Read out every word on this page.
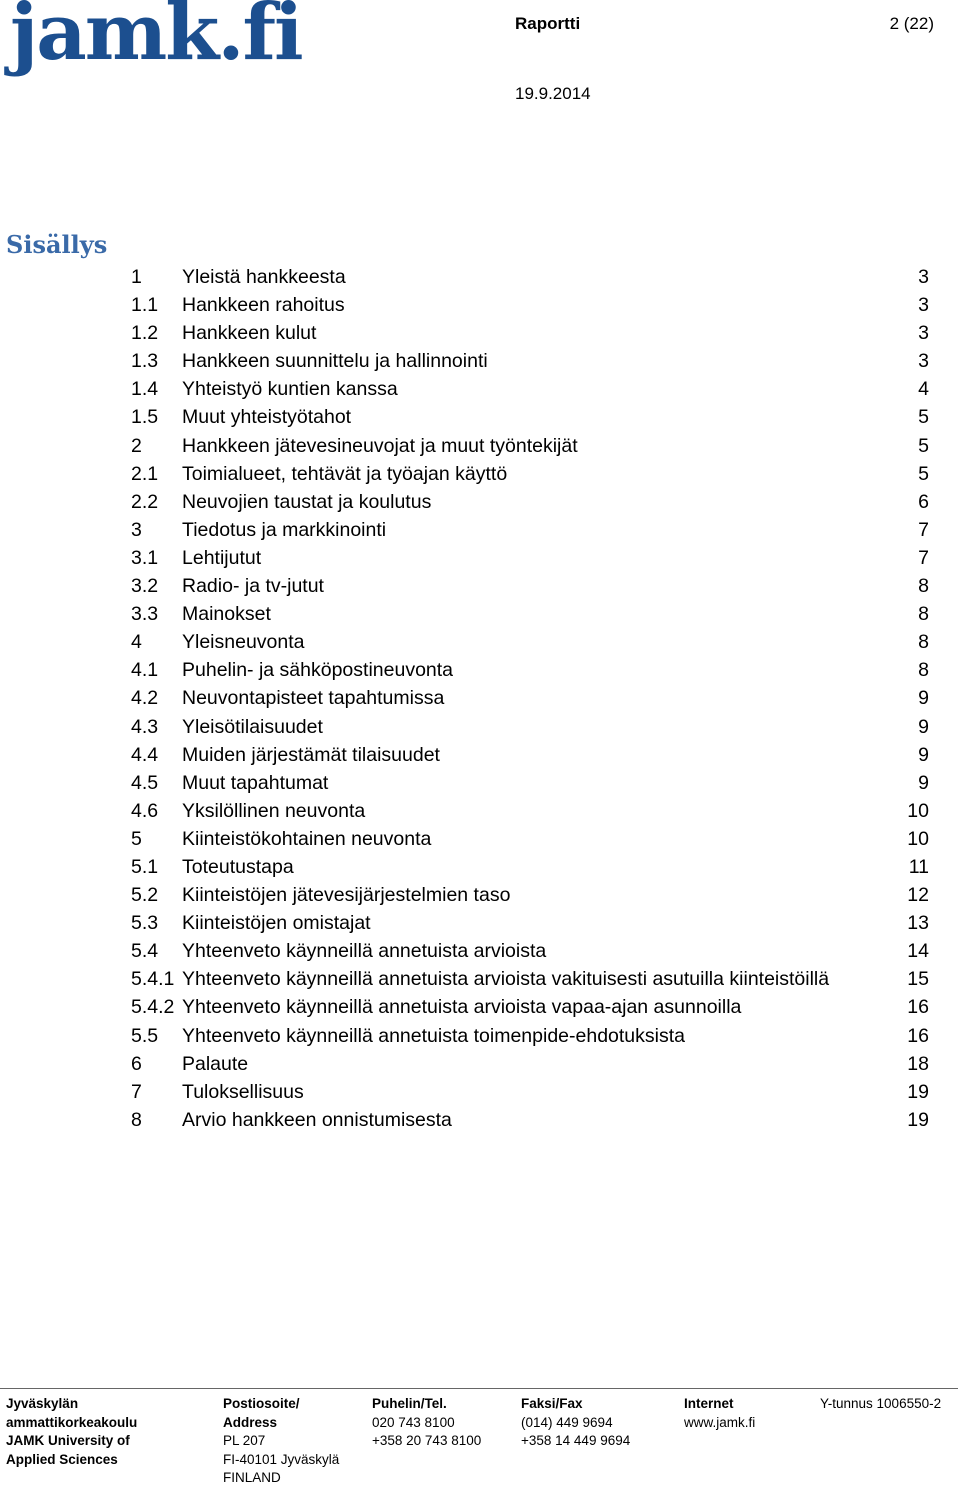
jamk.fi	Raportti	2 (22)
19.9.2014
Sisällys
1 Yleistä hankkeesta	3
1.1 Hankkeen rahoitus	3
1.2 Hankkeen kulut	3
1.3 Hankkeen suunnittelu ja hallinnointi	3
1.4 Yhteistyö kuntien kanssa	4
1.5 Muut yhteistyötahot	5
2 Hankkeen jätevesineuvojat ja muut työntekijät	5
2.1 Toimialueet, tehtävät ja työajan käyttö	5
2.2 Neuvojien taustat ja koulutus	6
3 Tiedotus ja markkinointi	7
3.1 Lehtijutut	7
3.2 Radio- ja tv-jutut	8
3.3 Mainokset	8
4 Yleisneuvonta	8
4.1 Puhelin- ja sähköpostineuvonta	8
4.2 Neuvontapisteet tapahtumissa	9
4.3 Yleisötilaisuudet	9
4.4 Muiden järjestämät tilaisuudet	9
4.5 Muut tapahtumat	9
4.6 Yksilöllinen neuvonta	10
5 Kiinteistökohtainen neuvonta	10
5.1 Toteutustapa	11
5.2 Kiinteistöjen jätevesijärjestelmien taso	12
5.3 Kiinteistöjen omistajat	13
5.4 Yhteenveto käynneillä annetuista arvioista	14
5.4.1 Yhteenveto käynneillä annetuista arvioista vakituisesti asutuilla kiinteistöillä	15
5.4.2 Yhteenveto käynneillä annetuista arvioista vapaa-ajan asunnoilla	16
5.5 Yhteenveto käynneillä annetuista toimenpide-ehdotuksista	16
6 Palaute	18
7 Tuloksellisuus	19
8 Arvio hankkeen onnistumisesta	19
Jyväskylän
ammattikorkeakoulu
JAMK University of
Applied Sciences
Postiosoite/
Address
PL 207
FI-40101 Jyväskylä
FINLAND
Puhelin/Tel.
020 743 8100
+358 20 743 8100
Faksi/Fax
(014) 449 9694
+358 14 449 9694
Internet
www.jamk.fi
Y-tunnus 1006550-2
